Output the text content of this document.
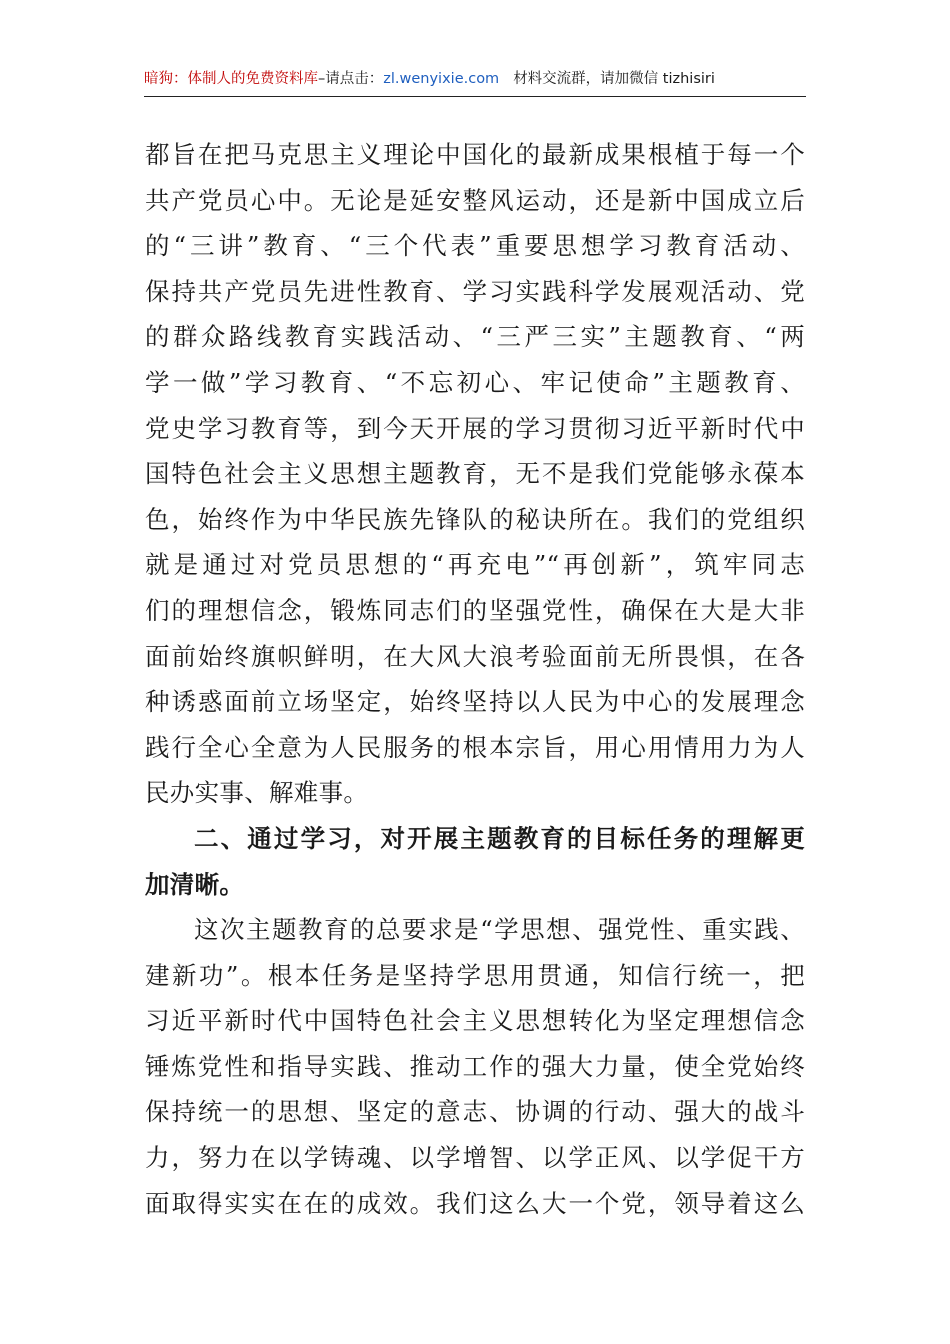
暗狗：体制人的免费资料库–请点击：zl.wenyixie.com 材料交流群，请加微信 tizhisiri
都旨在把马克思主义理论中国化的最新成果根植于每一个
共产党员心中。无论是延安整风运动，还是新中国成立后
的“三讲”教育、“三个代表”重要思想学习教育活动、
保持共产党员先进性教育、学习实践科学发展观活动、党
的群众路线教育实践活动、“三严三实”主题教育、“两
学一做”学习教育、“不忘初心、牢记使命”主题教育、
党史学习教育等，到今天开展的学习贯彻习近平新时代中
国特色社会主义思想主题教育，无不是我们党能够永葆本
色，始终作为中华民族先锋队的秘诀所在。我们的党组织
就是通过对党员思想的“再充电”“再创新”，筑牢同志
们的理想信念，锻炼同志们的坚强党性，确保在大是大非
面前始终旗帜鲜明，在大风大浪考验面前无所畏惧，在各
种诱惑面前立场坚定，始终坚持以人民为中心的发展理念
践行全心全意为人民服务的根本宗旨，用心用情用力为人
民办实事、解难事。
二、通过学习，对开展主题教育的目标任务的理解更
加清晰。
这次主题教育的总要求是“学思想、强党性、重实践、
建新功”。根本任务是坚持学思用贯通，知信行统一，把
习近平新时代中国特色社会主义思想转化为坚定理想信念
锤炼党性和指导实践、推动工作的强大力量，使全党始终
保持统一的思想、坚定的意志、协调的行动、强大的战斗
力，努力在以学铸魂、以学增智、以学正风、以学促干方
面取得实实在在的成效。我们这么大一个党，领导着这么
